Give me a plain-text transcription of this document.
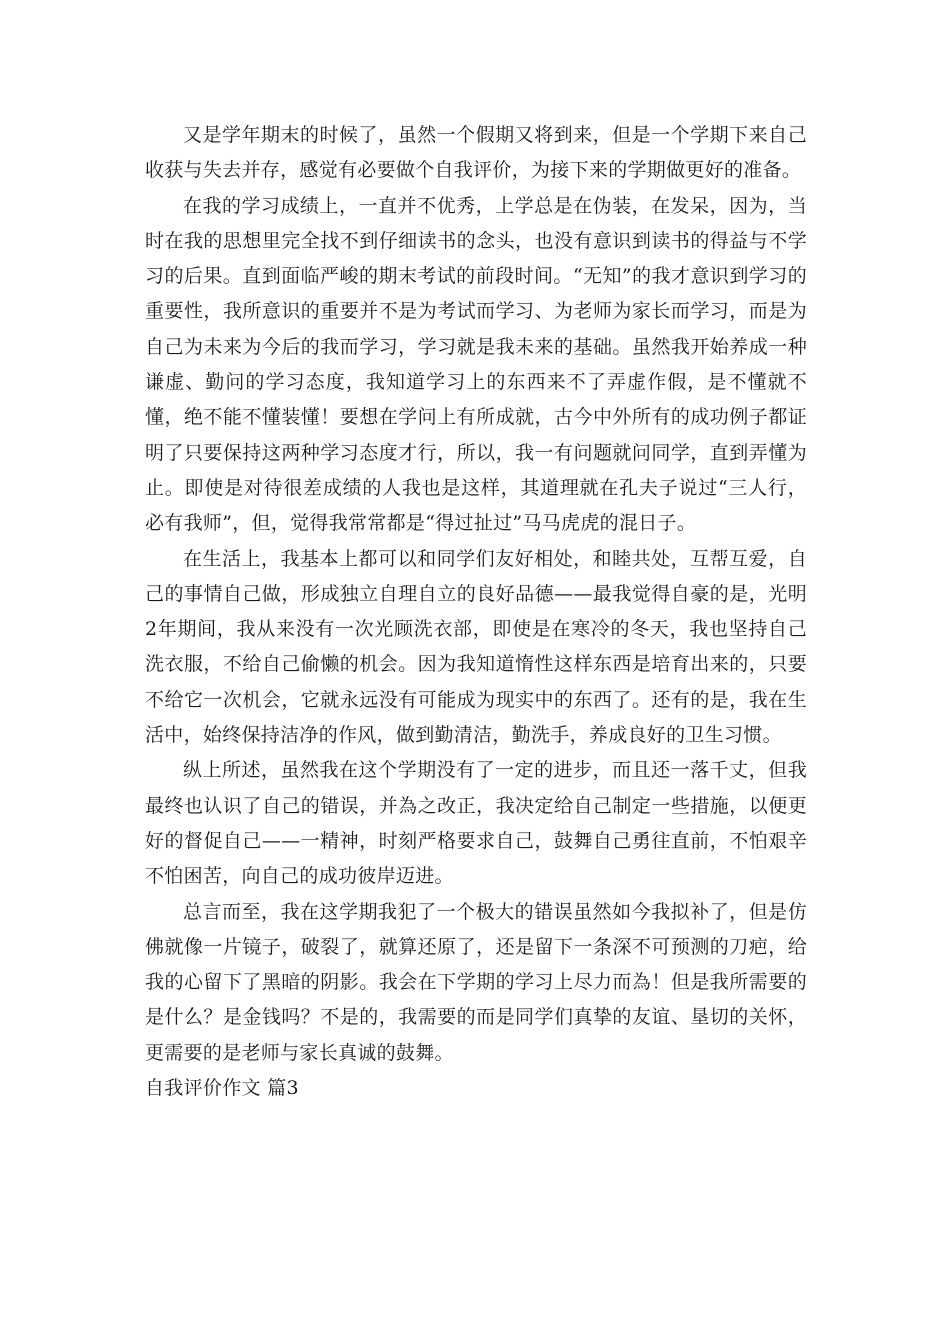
又是学年期末的时候了，虽然一个假期又将到来，但是一个学期下来自己收获与失去并存，感觉有必要做个自我评价，为接下来的学期做更好的准备。

在我的学习成绩上，一直并不优秀，上学总是在伪装，在发呆，因为，当时在我的思想里完全找不到仔细读书的念头，也没有意识到读书的得益与不学习的后果。直到面临严峻的期末考试的前段时间。“无知”的我才意识到学习的重要性，我所意识的重要并不是为考试而学习、为老师为家长而学习，而是为自己为未来为今后的我而学习，学习就是我未来的基础。虽然我开始养成一种谦虚、勤问的学习态度，我知道学习上的东西来不了弄虚作假，是不懂就不懂，绝不能不懂装懂！要想在学问上有所成就，古今中外所有的成功例子都证明了只要保持这两种学习态度才行，所以，我一有问题就问同学，直到弄懂为止。即使是对待很差成绩的人我也是这样，其道理就在孔夫子说过“三人行，必有我师”，但，觉得我常常都是“得过扯过”马马虎虎的混日子。

在生活上，我基本上都可以和同学们友好相处，和睦共处，互帮互爱，自己的事情自己做，形成独立自理自立的良好品德——最我觉得自豪的是，光明2年期间，我从来没有一次光顾洗衣部，即使是在寒冷的冬天，我也坚持自己洗衣服，不给自己偷懒的机会。因为我知道惰性这样东西是培育出来的，只要不给它一次机会，它就永远没有可能成为现实中的东西了。还有的是，我在生活中，始终保持洁净的作风，做到勤清洁，勤洗手，养成良好的卫生习惯。

纵上所述，虽然我在这个学期没有了一定的进步，而且还一落千丈，但我最终也认识了自己的错误，并為之改正，我决定给自己制定一些措施，以便更好的督促自己——一精神，时刻严格要求自己，鼓舞自己勇往直前，不怕艰辛不怕困苦，向自己的成功彼岸迈进。

总言而至，我在这学期我犯了一个极大的错误虽然如今我拟补了，但是仿佛就像一片镜子，破裂了，就算还原了，还是留下一条深不可预测的刀疤，给我的心留下了黑暗的阴影。我会在下学期的学习上尽力而為！但是我所需要的是什么？是金钱吗？不是的，我需要的而是同学们真挚的友谊、垦切的关怀，更需要的是老师与家长真诚的鼓舞。

自我评价作文 篇3
